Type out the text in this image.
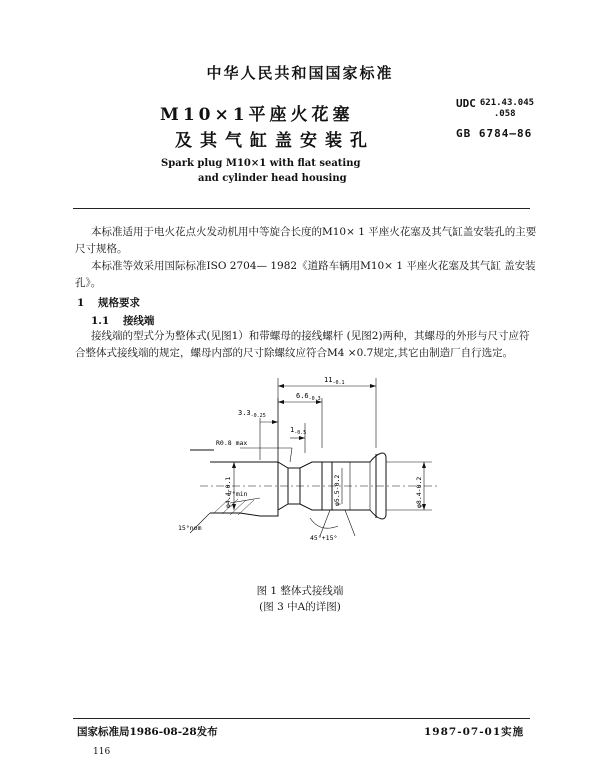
中华人民共和国国家标准
M10×1平座火花塞
及其气缸盖安装孔
UDC 621.43.045
.058
GB 6784—86
Spark plug M10×1 with flat seating
and cylinder head housing
本标准适用于电火花点火发动机用中等旋合长度的M10× 1 平座火花塞及其气缸盖安装孔的主要
尺寸规格。
本标准等效采用国际标准ISO 2704— 1982《道路车辆用M10× 1 平座火花塞及其气缸 盖安装
孔》。
1 规格要求
1.1 接线端
接线端的型式分为整体式(见图1）和带螺母的接线螺杆 (见图2)两种，其螺母的外形与尺寸应符
合整体式接线端的规定，螺母内部的尺寸除螺纹应符合M4 ×0.7规定,其它由制造厂自行选定。
$11_{-0.1}$
$6.6_{-0.3}$
$3.3_{-0.25}$
$1_{-0.5}$
R0.8 max
φ4.4-0.1	φ5.5-0.2	φ8.4-0.2
7°min
15°nom
45°+15°
图 1 整体式接线端
(图 3 中A的详图)
国家标准局1986-08-28发布	1987-07-01实施
116
